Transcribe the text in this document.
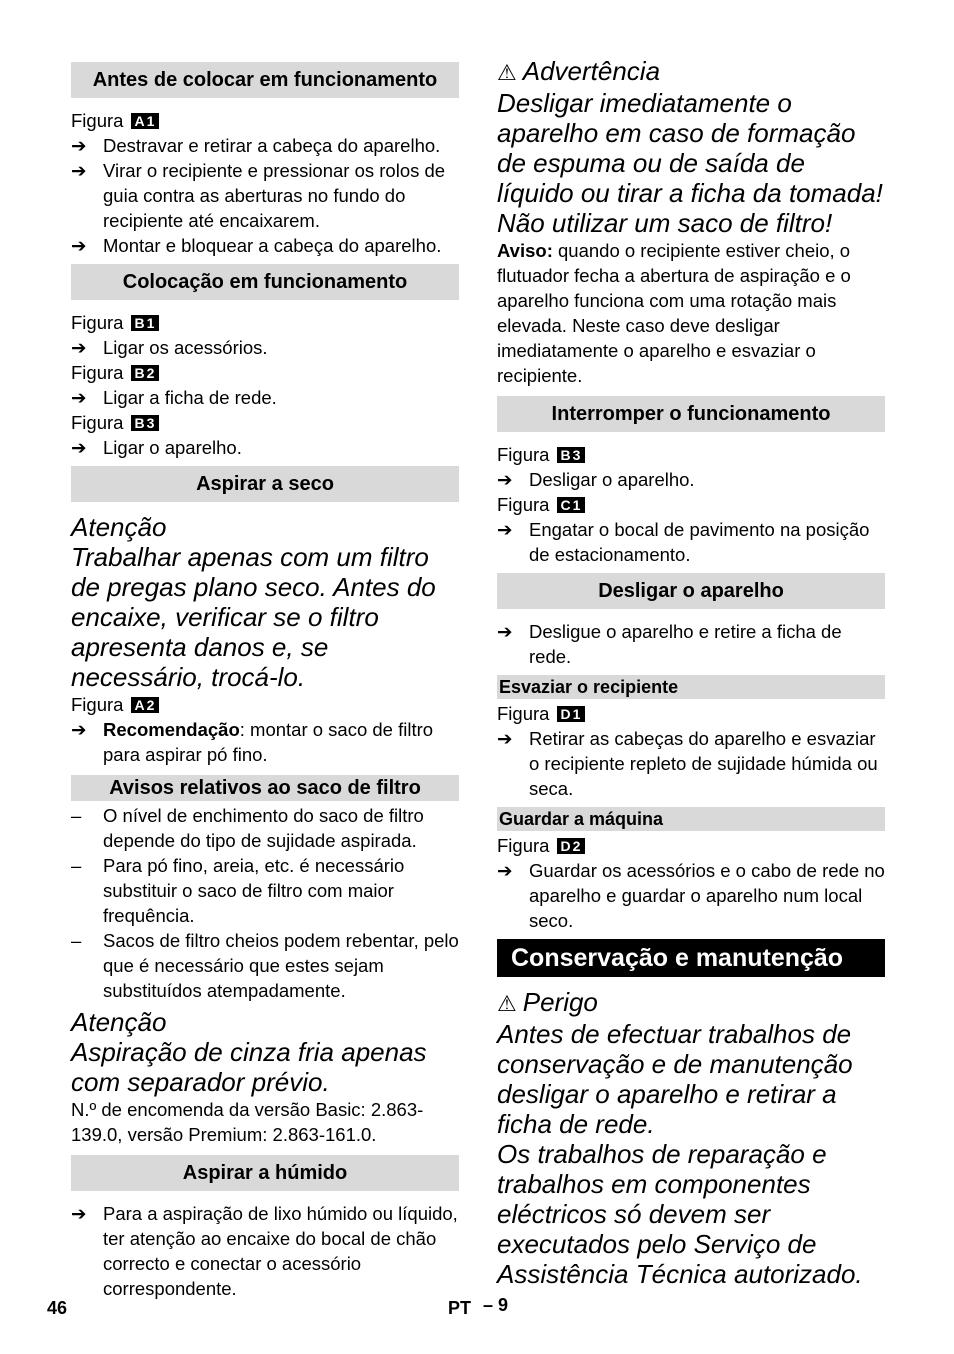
Antes de colocar em funcionamento
Figura A1
➔ Destravar e retirar a cabeça do aparelho.
➔ Virar o recipiente e pressionar os rolos de guia contra as aberturas no fundo do recipiente até encaixarem.
➔ Montar e bloquear a cabeça do aparelho.
Colocação em funcionamento
Figura B1
➔ Ligar os acessórios.
Figura B2
➔ Ligar a ficha de rede.
Figura B3
➔ Ligar o aparelho.
Aspirar a seco
Atenção
Trabalhar apenas com um filtro de pregas plano seco. Antes do encaixe, verificar se o filtro apresenta danos e, se necessário, trocá-lo.
Figura A2
➔ Recomendação: montar o saco de filtro para aspirar pó fino.
Avisos relativos ao saco de filtro
–	O nível de enchimento do saco de filtro depende do tipo de sujidade aspirada.
–	Para pó fino, areia, etc. é necessário substituir o saco de filtro com maior frequência.
–	Sacos de filtro cheios podem rebentar, pelo que é necessário que estes sejam substituídos atempadamente.
Atenção
Aspiração de cinza fria apenas com separador prévio.
N.º de encomenda da versão Basic: 2.863-139.0, versão Premium: 2.863-161.0.
Aspirar a húmido
➔ Para a aspiração de lixo húmido ou líquido, ter atenção ao encaixe do bocal de chão correcto e conectar o acessório correspondente.
⚠ Advertência
Desligar imediatamente o aparelho em caso de formação de espuma ou de saída de líquido ou tirar a ficha da tomada! Não utilizar um saco de filtro!
Aviso: quando o recipiente estiver cheio, o flutuador fecha a abertura de aspiração e o aparelho funciona com uma rotação mais elevada. Neste caso deve desligar imediatamente o aparelho e esvaziar o recipiente.
Interromper o funcionamento
Figura B3
➔ Desligar o aparelho.
Figura C1
➔ Engatar o bocal de pavimento na posição de estacionamento.
Desligar o aparelho
➔ Desligue o aparelho e retire a ficha de rede.
Esvaziar o recipiente
Figura D1
➔ Retirar as cabeças do aparelho e esvaziar o recipiente repleto de sujidade húmida ou seca.
Guardar a máquina
Figura D2
➔ Guardar os acessórios e o cabo de rede no aparelho e guardar o aparelho num local seco.
Conservação e manutenção
⚠ Perigo
Antes de efectuar trabalhos de conservação e de manutenção desligar o aparelho e retirar a ficha de rede.
Os trabalhos de reparação e trabalhos em componentes eléctricos só devem ser executados pelo Serviço de Assistência Técnica autorizado.
46	PT – 9
